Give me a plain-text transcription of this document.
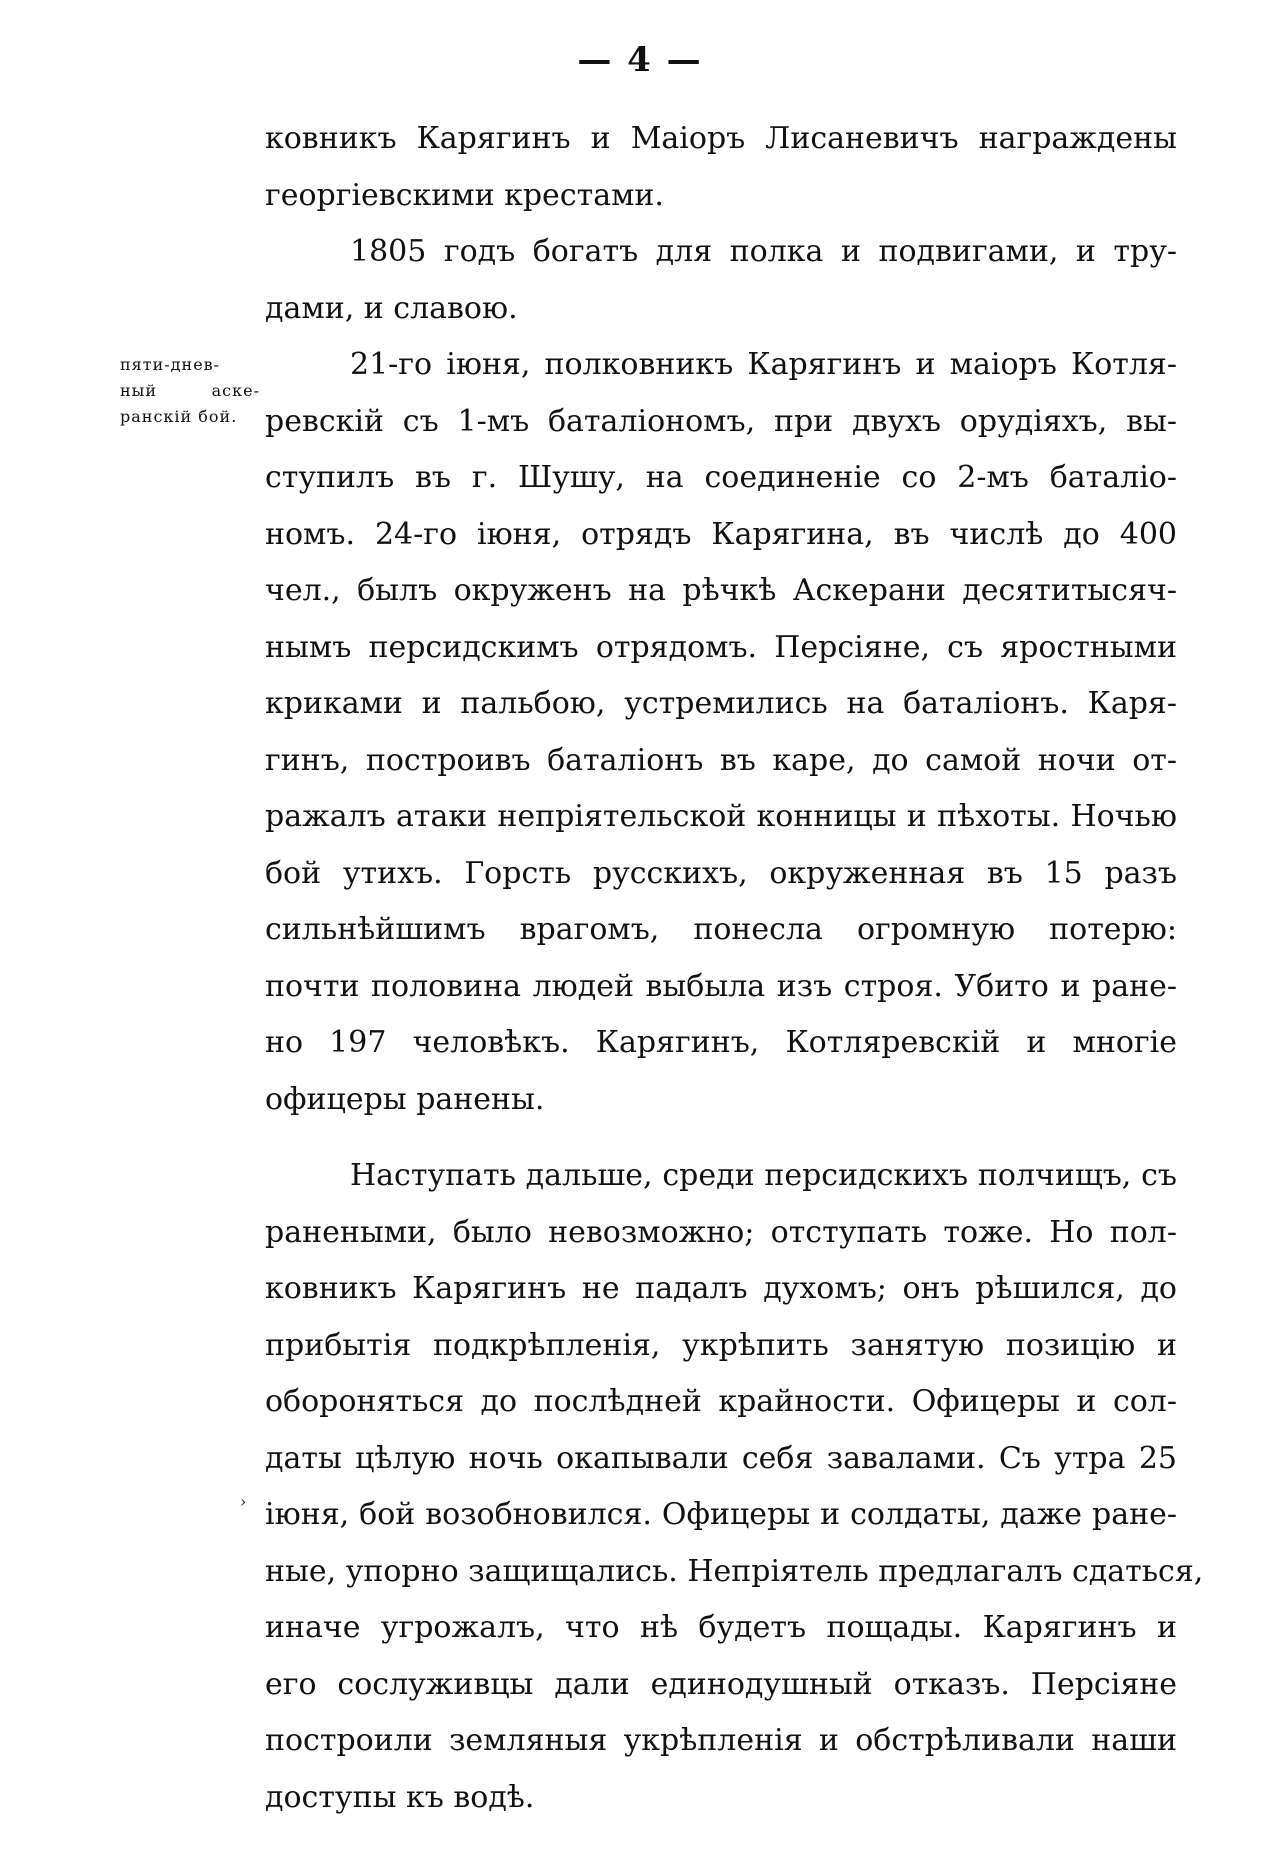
— 4 —
пяти-днев-
ный аске-
ранскій бой.
›
ковникъ Карягинъ и Маіоръ Лисаневичъ награждены
георгіевскими крестами.
1805 годъ богатъ для полка и подвигами, и тру-
дами, и славою.
21-го іюня, полковникъ Карягинъ и маіоръ Котля-
ревскій съ 1-мъ баталіономъ, при двухъ орудіяхъ, вы-
ступилъ въ г. Шушу, на соединеніе со 2-мъ баталіо-
номъ. 24-го іюня, отрядъ Карягина, въ числѣ до 400
чел., былъ окруженъ на рѣчкѣ Аскерани десятитысяч-
нымъ персидскимъ отрядомъ. Персіяне, съ яростными
криками и пальбою, устремились на баталіонъ. Каря-
гинъ, построивъ баталіонъ въ каре, до самой ночи от-
ражалъ атаки непріятельской конницы и пѣхоты. Ночью
бой утихъ. Горсть русскихъ, окруженная въ 15 разъ
сильнѣйшимъ врагомъ, понесла огромную потерю:
почти половина людей выбыла изъ строя. Убито и ране-
но 197 человѣкъ. Карягинъ, Котляревскій и многіе
офицеры ранены.
Наступать дальше, среди персидскихъ полчищъ, съ
ранеными, было невозможно; отступать тоже. Но пол-
ковникъ Карягинъ не падалъ духомъ; онъ рѣшился, до
прибытія подкрѣпленія, укрѣпить занятую позицію и
обороняться до послѣдней крайности. Офицеры и сол-
даты цѣлую ночь окапывали себя завалами. Съ утра 25
іюня, бой возобновился. Офицеры и солдаты, даже ране-
ные, упорно защищались. Непріятель предлагалъ сдаться,
иначе угрожалъ, что нѣ будетъ пощады. Карягинъ и
его сослуживцы дали единодушный отказъ. Персіяне
построили земляныя укрѣпленія и обстрѣливали наши
доступы къ водѣ.
